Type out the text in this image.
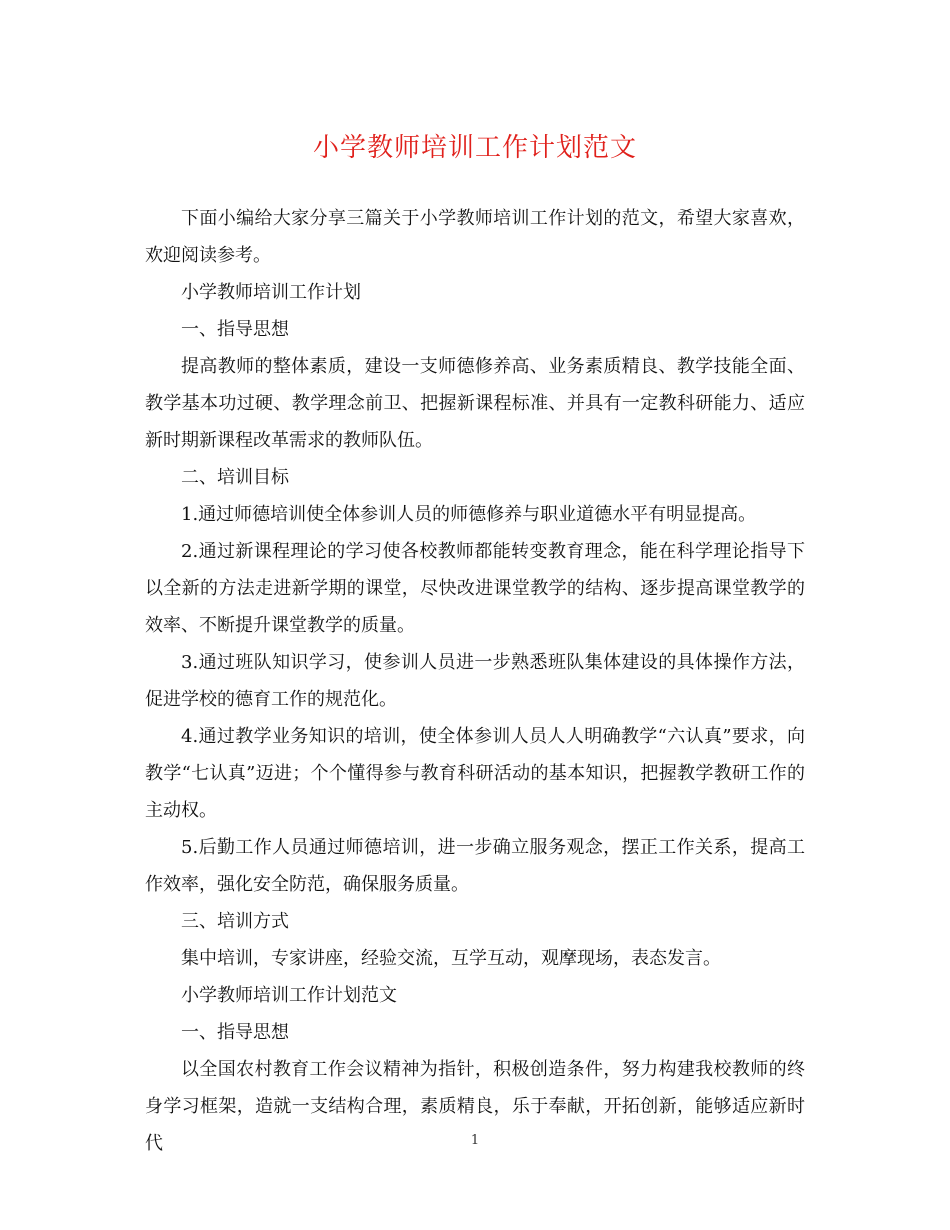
小学教师培训工作计划范文

下面小编给大家分享三篇关于小学教师培训工作计划的范文，希望大家喜欢，欢迎阅读参考。

小学教师培训工作计划

一、指导思想

提高教师的整体素质，建设一支师德修养高、业务素质精良、教学技能全面、教学基本功过硬、教学理念前卫、把握新课程标准、并具有一定教科研能力、适应新时期新课程改革需求的教师队伍。

二、培训目标

1.通过师德培训使全体参训人员的师德修养与职业道德水平有明显提高。

2.通过新课程理论的学习使各校教师都能转变教育理念，能在科学理论指导下以全新的方法走进新学期的课堂，尽快改进课堂教学的结构、逐步提高课堂教学的效率、不断提升课堂教学的质量。

3.通过班队知识学习，使参训人员进一步熟悉班队集体建设的具体操作方法，促进学校的德育工作的规范化。

4.通过教学业务知识的培训，使全体参训人员人人明确教学“六认真”要求，向教学“七认真”迈进；个个懂得参与教育科研活动的基本知识，把握教学教研工作的主动权。

5.后勤工作人员通过师德培训，进一步确立服务观念，摆正工作关系，提高工作效率，强化安全防范，确保服务质量。

三、培训方式

集中培训，专家讲座，经验交流，互学互动，观摩现场，表态发言。

小学教师培训工作计划范文

一、指导思想

以全国农村教育工作会议精神为指针，积极创造条件，努力构建我校教师的终身学习框架，造就一支结构合理，素质精良，乐于奉献，开拓创新，能够适应新时代	1
